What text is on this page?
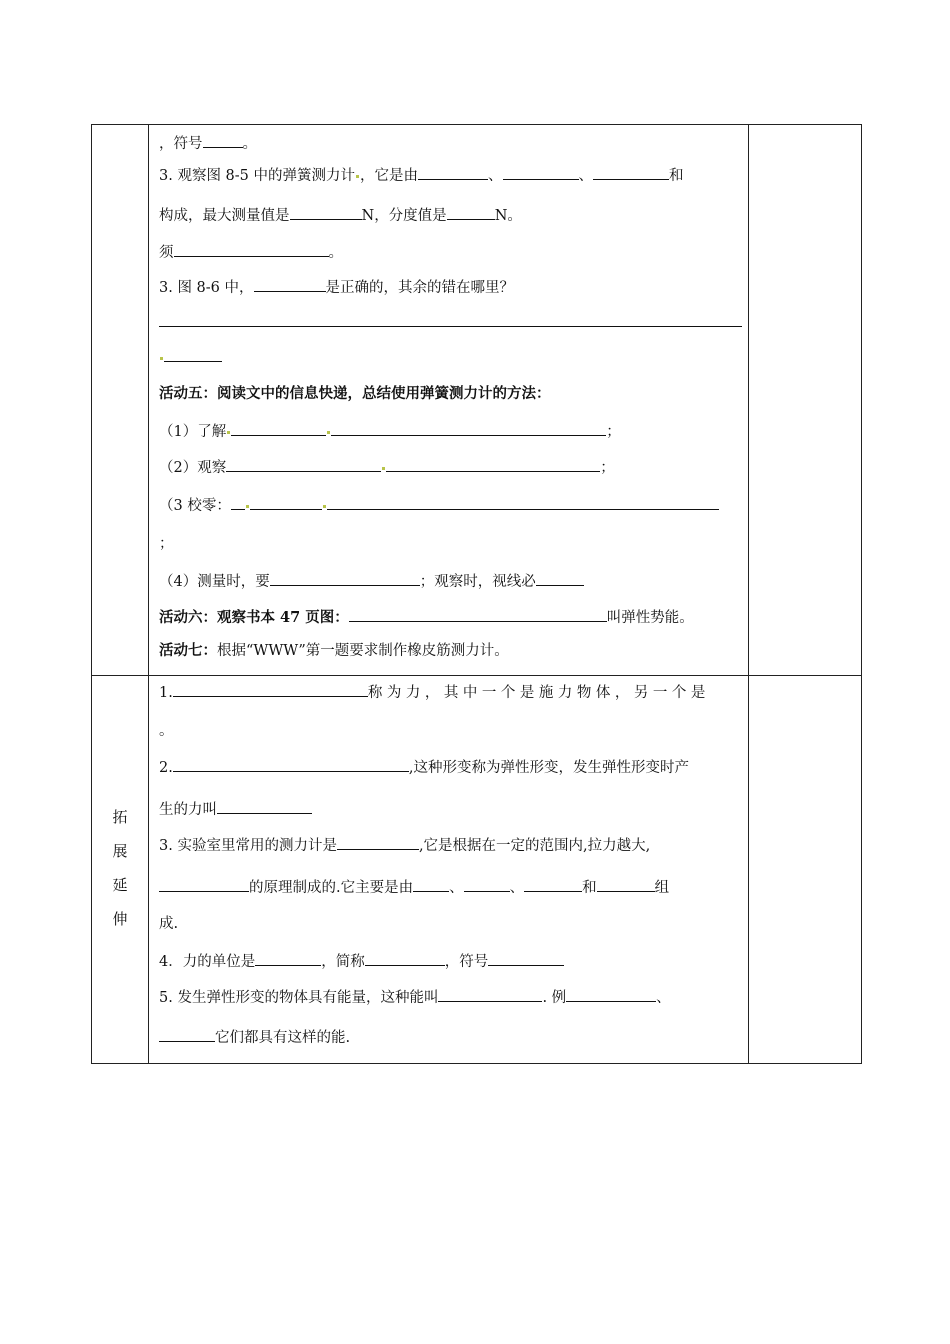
，符号	。
3. 观察图 8-5 中的弹簧测力计 ，它是由	、	、	和
构成，最大测量值是	N，分度值是	N。
须	。
3. 图 8-6 中，	是正确的，其余的错在哪里？
活动五：阅读文中的信息快递，总结使用弹簧测力计的方法：
（1）了解	；
（2）观察	；
（3 校零：
；
（4）测量时，要	；观察时，视线必
活动六：观察书本 47 页图：	叫弹性势能。
活动七：根据“WWW”第一题要求制作橡皮筋测力计。
拓
展
延
伸
1.	称为力，其中一个是施力物体，另一个是
。
2.	,这种形变称为弹性形变，发生弹性形变时产
生的力叫
3. 实验室里常用的测力计是	,它是根据在一定的范围内,拉力越大,
的原理制成的.它主要是由 、	、	和	组
成.
4．力的单位是	，简称	，符号
5. 发生弹性形变的物体具有能量，这种能叫	. 例	、
它们都具有这样的能.
